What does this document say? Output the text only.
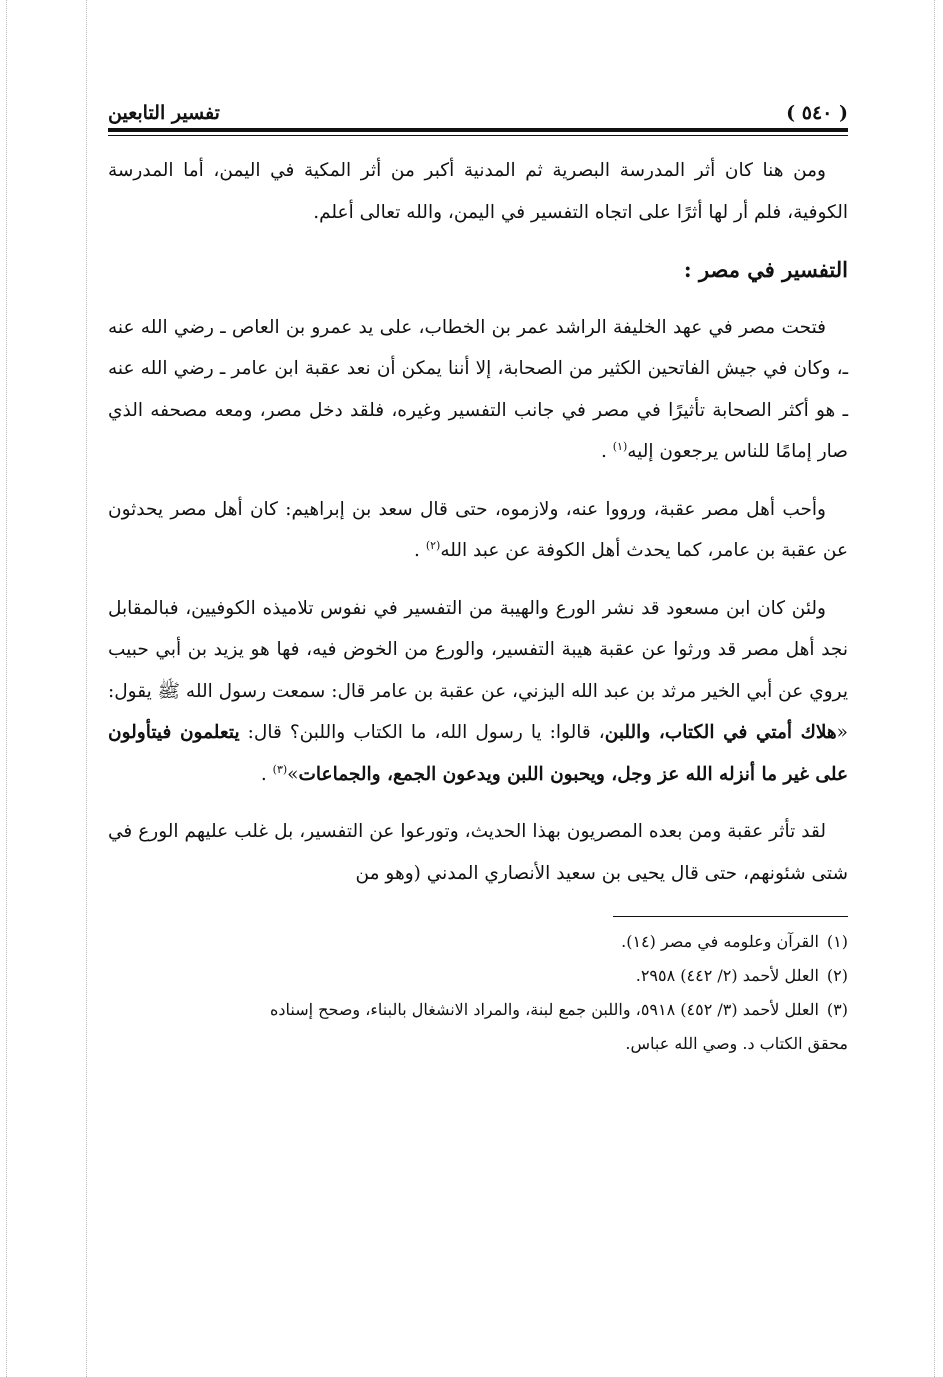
( ٥٤٠ )
تفسير التابعين

ومن هنا كان أثر المدرسة البصرية ثم المدنية أكبر من أثر المكية في اليمن، أما المدرسة الكوفية، فلم أر لها أثرًا على اتجاه التفسير في اليمن، والله تعالى أعلم.

التفسير في مصر :

فتحت مصر في عهد الخليفة الراشد عمر بن الخطاب، على يد عمرو بن العاص ـ رضي الله عنه ـ، وكان في جيش الفاتحين الكثير من الصحابة، إلا أننا يمكن أن نعد عقبة ابن عامر ـ رضي الله عنه ـ هو أكثر الصحابة تأثيرًا في مصر في جانب التفسير وغيره، فلقد دخل مصر، ومعه مصحفه الذي صار إمامًا للناس يرجعون إليه$^{(١)}$ .

وأحب أهل مصر عقبة، ورووا عنه، ولازموه، حتى قال سعد بن إبراهيم: كان أهل مصر يحدثون عن عقبة بن عامر، كما يحدث أهل الكوفة عن عبد الله$^{(٢)}$ .

ولئن كان ابن مسعود قد نشر الورع والهيبة من التفسير في نفوس تلاميذه الكوفيين، فبالمقابل نجد أهل مصر قد ورثوا عن عقبة هيبة التفسير، والورع من الخوض فيه، فها هو يزيد بن أبي حبيب يروي عن أبي الخير مرثد بن عبد الله اليزني، عن عقبة بن عامر قال: سمعت رسول الله ﷺ يقول: «هلاك أمتي في الكتاب، واللبن، قالوا: يا رسول الله، ما الكتاب واللبن؟ قال: يتعلمون فيتأولون على غير ما أنزله الله عز وجل، ويحبون اللبن ويدعون الجمع، والجماعات»$^{(٣)}$ .

لقد تأثر عقبة ومن بعده المصريون بهذا الحديث، وتورعوا عن التفسير، بل غلب عليهم الورع في شتى شئونهم، حتى قال يحيى بن سعيد الأنصاري المدني (وهو من

(١)القرآن وعلومه في مصر (١٤).

(٢)العلل لأحمد (٢/ ٤٤٢) ٢٩٥٨.

(٣)العلل لأحمد (٣/ ٤٥٢) ٥٩١٨، واللبن جمع لبنة، والمراد الانشغال بالبناء، وصحح إسناده

محقق الكتاب د. وصي الله عباس.
